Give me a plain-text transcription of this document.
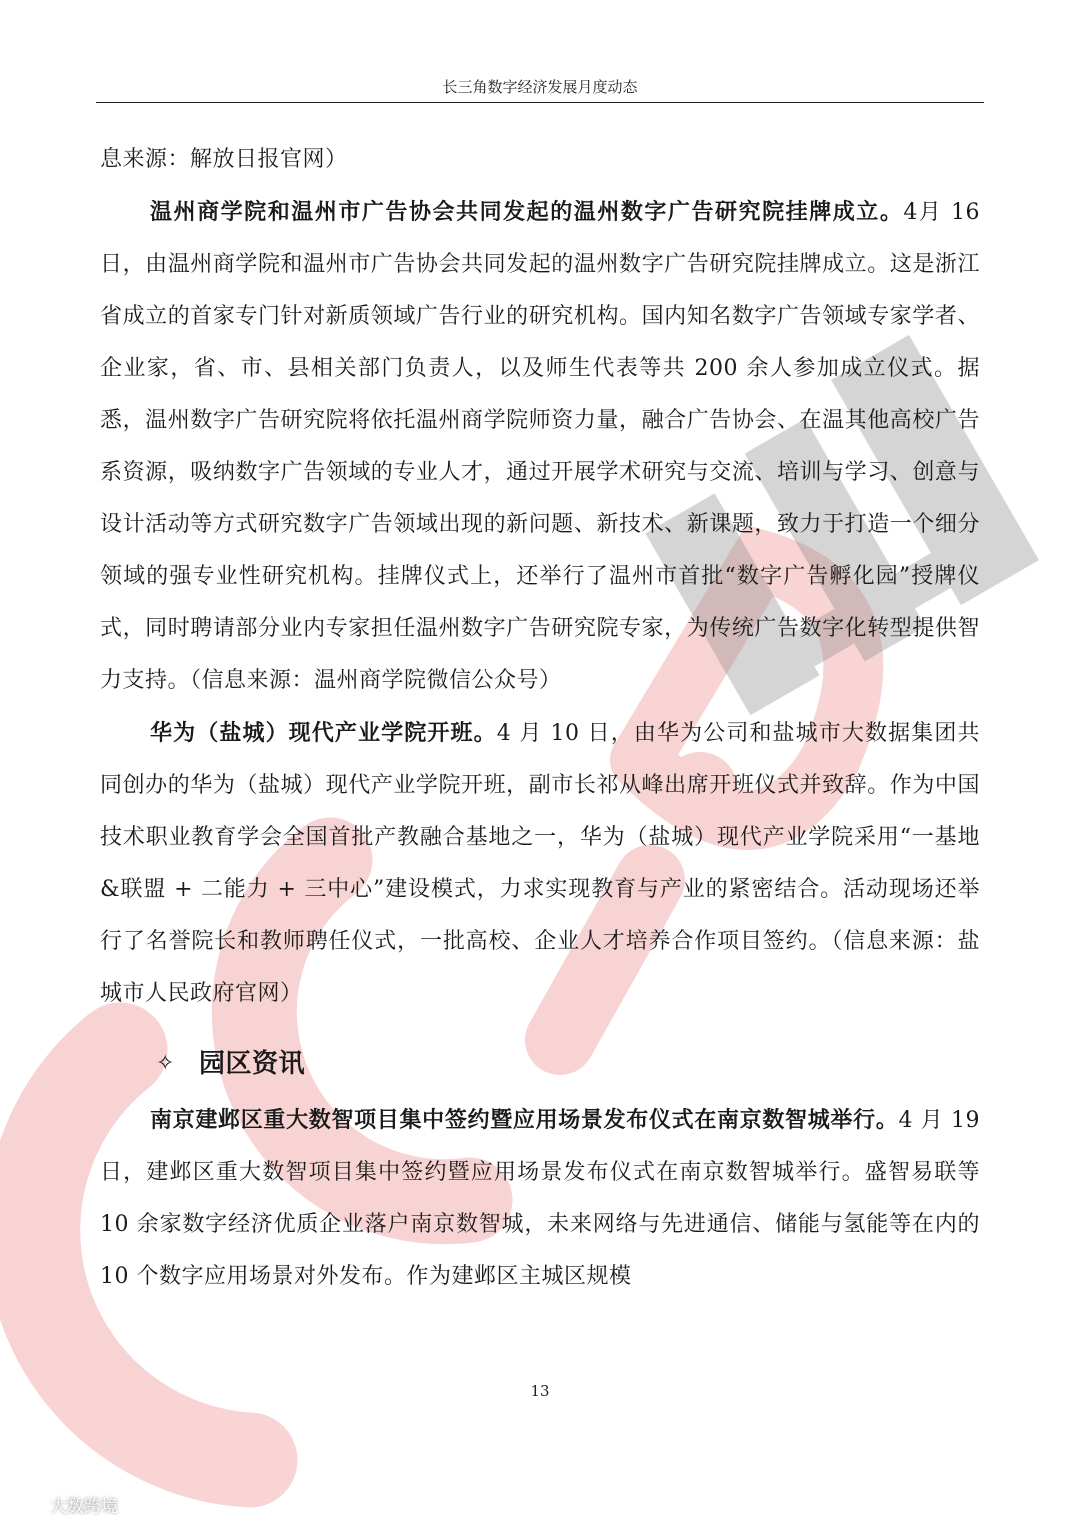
长三角数字经济发展月度动态

息来源：解放日报官网）

温州商学院和温州市广告协会共同发起的温州数字广告研究院挂牌成立。4月 16 日，由温州商学院和温州市广告协会共同发起的温州数字广告研究院挂牌成立。这是浙江省成立的首家专门针对新质领域广告行业的研究机构。国内知名数字广告领域专家学者、企业家，省、市、县相关部门负责人，以及师生代表等共 200 余人参加成立仪式。据悉，温州数字广告研究院将依托温州商学院师资力量，融合广告协会、在温其他高校广告系资源，吸纳数字广告领域的专业人才，通过开展学术研究与交流、培训与学习、创意与设计活动等方式研究数字广告领域出现的新问题、新技术、新课题，致力于打造一个细分领域的强专业性研究机构。挂牌仪式上，还举行了温州市首批“数字广告孵化园”授牌仪式，同时聘请部分业内专家担任温州数字广告研究院专家，为传统广告数字化转型提供智力支持。（信息来源：温州商学院微信公众号）

华为（盐城）现代产业学院开班。4 月 10 日，由华为公司和盐城市大数据集团共同创办的华为（盐城）现代产业学院开班，副市长祁从峰出席开班仪式并致辞。作为中国技术职业教育学会全国首批产教融合基地之一，华为（盐城）现代产业学院采用“一基地&联盟 + 二能力 + 三中心”建设模式，力求实现教育与产业的紧密结合。活动现场还举行了名誉院长和教师聘任仪式，一批高校、企业人才培养合作项目签约。（信息来源：盐城市人民政府官网）

✧ 园区资讯

南京建邺区重大数智项目集中签约暨应用场景发布仪式在南京数智城举行。4 月 19 日，建邺区重大数智项目集中签约暨应用场景发布仪式在南京数智城举行。盛智易联等 10 余家数字经济优质企业落户南京数智城，未来网络与先进通信、储能与氢能等在内的 10 个数字应用场景对外发布。作为建邺区主城区规模

13
大数跨境
